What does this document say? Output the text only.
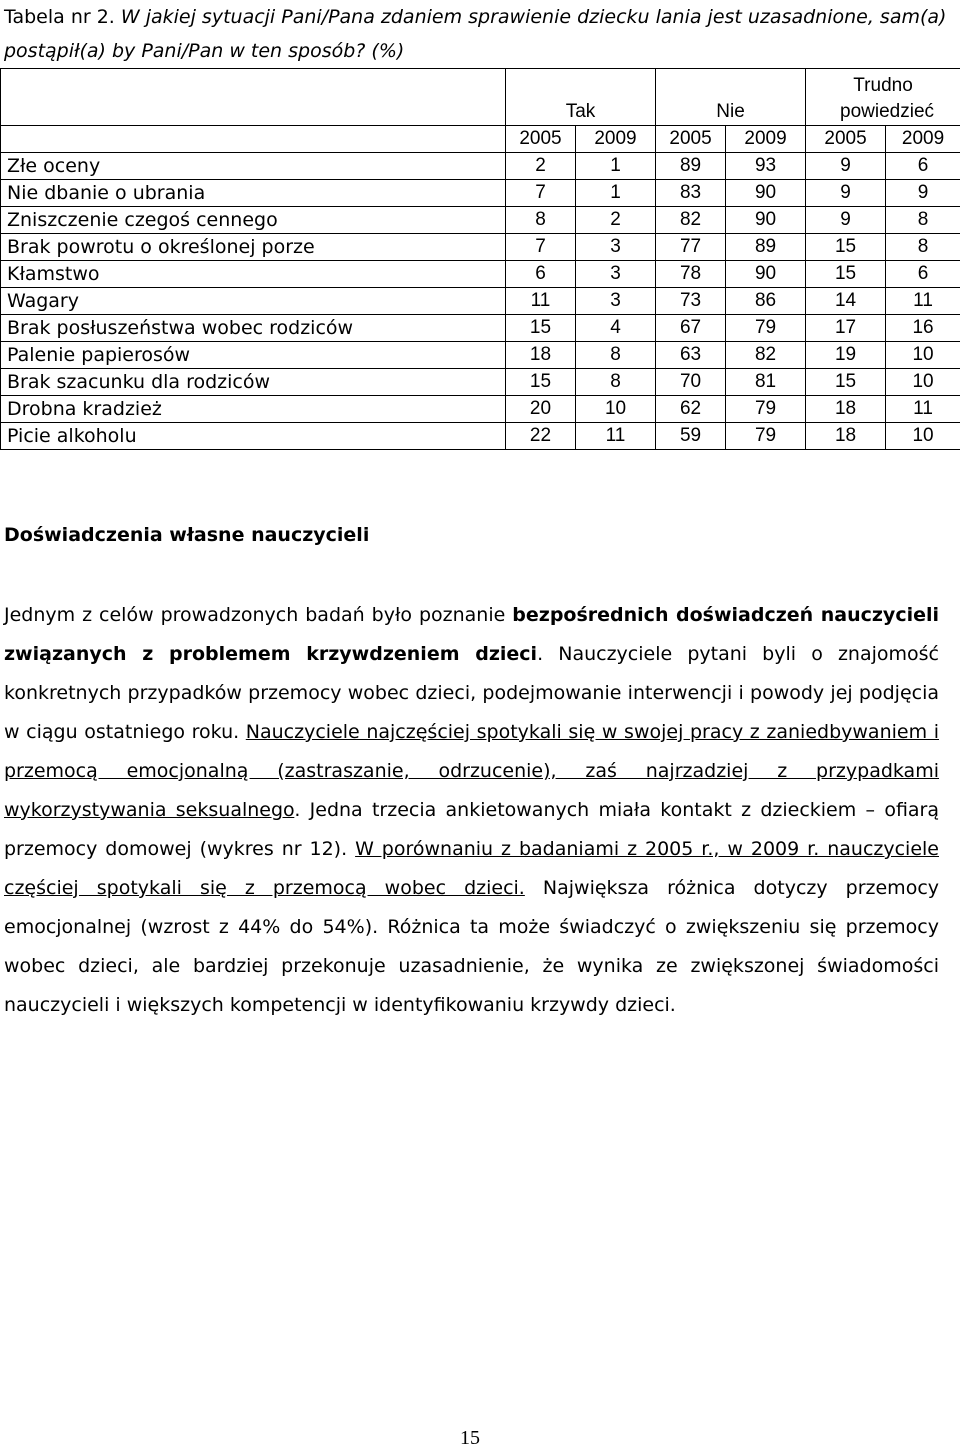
Tabela nr 2. W jakiej sytuacji Pani/Pana zdaniem sprawienie dziecku lania jest uzasadnione, sam(a) postąpił(a) by Pani/Pan w ten sposób? (%)
	Tak		Nie		Trudno powiedzieć	
	2005	2009	2005	2009	2005	2009
Złe oceny	2	1	89	93	9	6
Nie dbanie o ubrania	7	1	83	90	9	9
Zniszczenie czegoś cennego	8	2	82	90	9	8
Brak powrotu o określonej porze	7	3	77	89	15	8
Kłamstwo	6	3	78	90	15	6
Wagary	11	3	73	86	14	11
Brak posłuszeństwa wobec rodziców	15	4	67	79	17	16
Palenie papierosów	18	8	63	82	19	10
Brak szacunku dla rodziców	15	8	70	81	15	10
Drobna kradzież	20	10	62	79	18	11
Picie alkoholu	22	11	59	79	18	10
Doświadczenia własne nauczycieli
Jednym z celów prowadzonych badań było poznanie bezpośrednich doświadczeń nauczycieli związanych z problemem krzywdzeniem dzieci. Nauczyciele pytani byli o znajomość konkretnych przypadków przemocy wobec dzieci, podejmowanie interwencji i powody jej podjęcia w ciągu ostatniego roku. Nauczyciele najczęściej spotykali się w swojej pracy z zaniedbywaniem i przemocą emocjonalną (zastraszanie, odrzucenie), zaś najrzadziej z przypadkami wykorzystywania seksualnego. Jedna trzecia ankietowanych miała kontakt z dzieckiem – ofiarą przemocy domowej (wykres nr 12). W porównaniu z badaniami z 2005 r., w 2009 r. nauczyciele częściej spotykali się z przemocą wobec dzieci. Największa różnica dotyczy przemocy emocjonalnej (wzrost z 44% do 54%). Różnica ta może świadczyć o zwiększeniu się przemocy wobec dzieci, ale bardziej przekonuje uzasadnienie, że wynika ze zwiększonej świadomości nauczycieli i większych kompetencji w identyfikowaniu krzywdy dzieci.
15
